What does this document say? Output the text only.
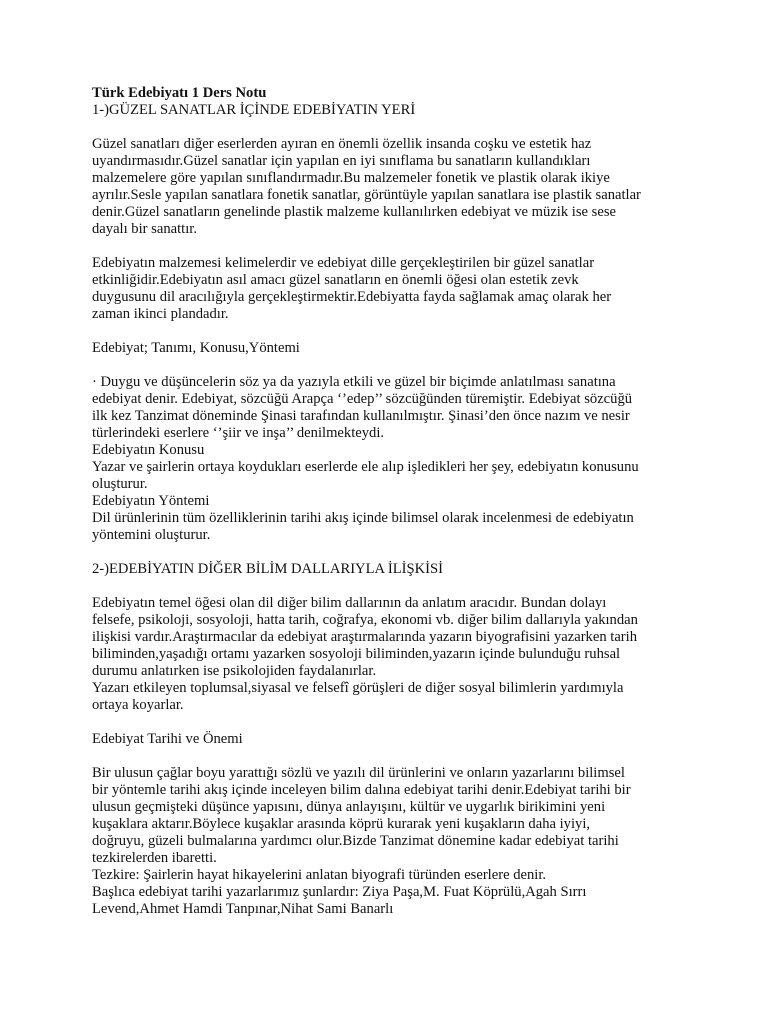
Türk Edebiyatı 1 Ders Notu
1-)GÜZEL SANATLAR İÇİNDE EDEBİYATIN YERİ
Güzel sanatları diğer eserlerden ayıran en önemli özellik insanda coşku ve estetik haz
uyandırmasıdır.Güzel sanatlar için yapılan en iyi sınıflama bu sanatların kullandıkları
malzemelere göre yapılan sınıflandırmadır.Bu malzemeler fonetik ve plastik olarak ikiye
ayrılır.Sesle yapılan sanatlara fonetik sanatlar, görüntüyle yapılan sanatlara ise plastik sanatlar
denir.Güzel sanatların genelinde plastik malzeme kullanılırken edebiyat ve müzik ise sese
dayalı bir sanattır.
Edebiyatın malzemesi kelimelerdir ve edebiyat dille gerçekleştirilen bir güzel sanatlar
etkinliğidir.Edebiyatın asıl amacı güzel sanatların en önemli öğesi olan estetik zevk
duygusunu dil aracılığıyla gerçekleştirmektir.Edebiyatta fayda sağlamak amaç olarak her
zaman ikinci plandadır.
Edebiyat; Tanımı, Konusu,Yöntemi
· Duygu ve düşüncelerin söz ya da yazıyla etkili ve güzel bir biçimde anlatılması sanatına
edebiyat denir. Edebiyat, sözcüğü Arapça ‘’edep’’ sözcüğünden türemiştir. Edebiyat sözcüğü
ilk kez Tanzimat döneminde Şinasi tarafından kullanılmıştır. Şinasi’den önce nazım ve nesir
türlerindeki eserlere ‘’şiir ve inşa’’ denilmekteydi.
Edebiyatın Konusu
Yazar ve şairlerin ortaya koydukları eserlerde ele alıp işledikleri her şey, edebiyatın konusunu
oluşturur.
Edebiyatın Yöntemi
Dil ürünlerinin tüm özelliklerinin tarihi akış içinde bilimsel olarak incelenmesi de edebiyatın
yöntemini oluşturur.
2-)EDEBİYATIN DİĞER BİLİM DALLARIYLA İLİŞKİSİ
Edebiyatın temel öğesi olan dil diğer bilim dallarının da anlatım aracıdır. Bundan dolayı
felsefe, psikoloji, sosyoloji, hatta tarih, coğrafya, ekonomi vb. diğer bilim dallarıyla yakından
ilişkisi vardır.Araştırmacılar da edebiyat araştırmalarında yazarın biyografisini yazarken tarih
biliminden,yaşadığı ortamı yazarken sosyoloji biliminden,yazarın içinde bulunduğu ruhsal
durumu anlatırken ise psikolojiden faydalanırlar.
Yazarı etkileyen toplumsal,siyasal ve felsefî görüşleri de diğer sosyal bilimlerin yardımıyla
ortaya koyarlar.
Edebiyat Tarihi ve Önemi
Bir ulusun çağlar boyu yarattığı sözlü ve yazılı dil ürünlerini ve onların yazarlarını bilimsel
bir yöntemle tarihi akış içinde inceleyen bilim dalına edebiyat tarihi denir.Edebiyat tarihi bir
ulusun geçmişteki düşünce yapısını, dünya anlayışını, kültür ve uygarlık birikimini yeni
kuşaklara aktarır.Böylece kuşaklar arasında köprü kurarak yeni kuşakların daha iyiyi,
doğruyu, güzeli bulmalarına yardımcı olur.Bizde Tanzimat dönemine kadar edebiyat tarihi
tezkirelerden ibaretti.
Tezkire: Şairlerin hayat hikayelerini anlatan biyografi türünden eserlere denir.
Başlıca edebiyat tarihi yazarlarımız şunlardır: Ziya Paşa,M. Fuat Köprülü,Agah Sırrı
Levend,Ahmet Hamdi Tanpınar,Nihat Sami Banarlı
